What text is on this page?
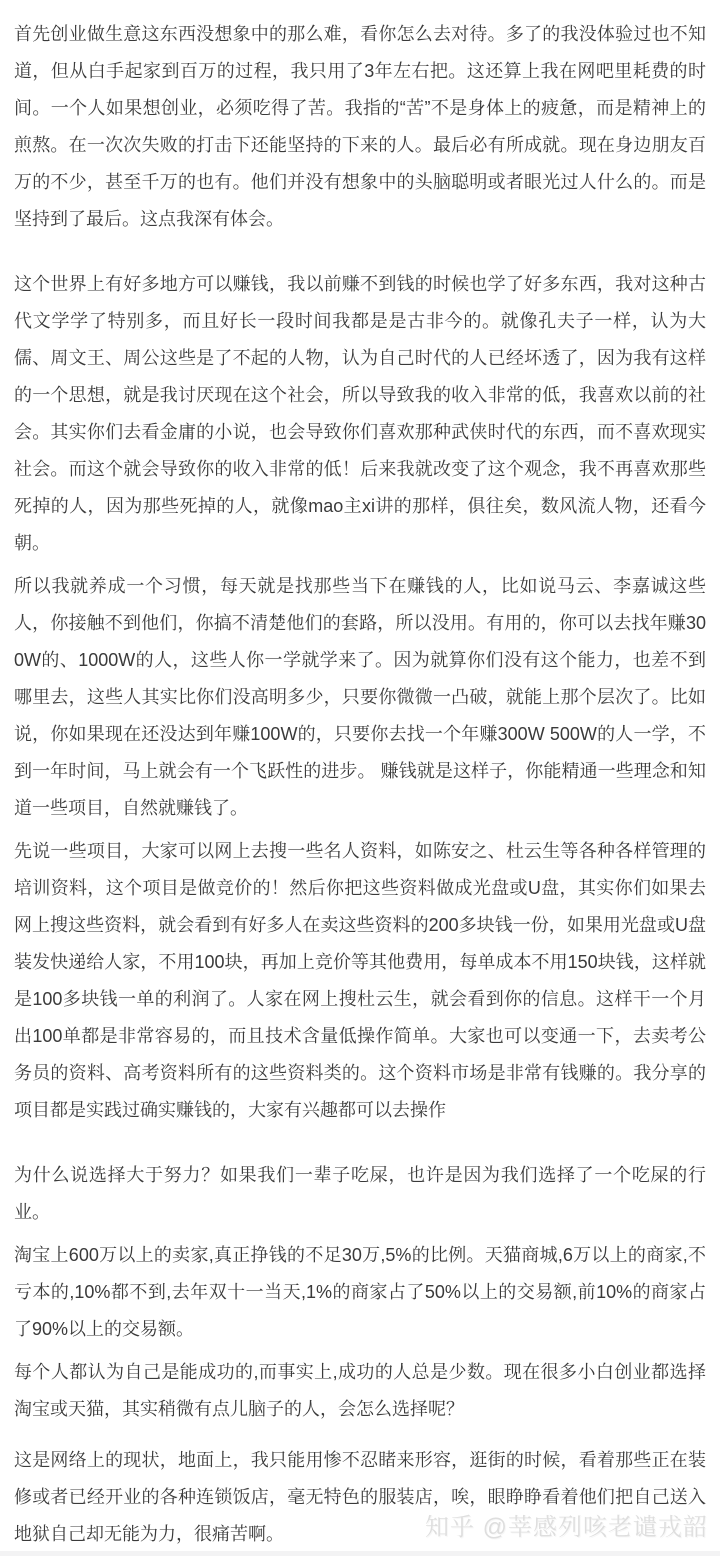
首先创业做生意这东西没想象中的那么难，看你怎么去对待。多了的我没体验过也不知道，但从白手起家到百万的过程，我只用了3年左右把。这还算上我在网吧里耗费的时间。一个人如果想创业，必须吃得了苦。我指的“苦”不是身体上的疲惫，而是精神上的煎熬。在一次次失败的打击下还能坚持的下来的人。最后必有所成就。现在身边朋友百万的不少，甚至千万的也有。他们并没有想象中的头脑聪明或者眼光过人什么的。而是坚持到了最后。这点我深有体会。

这个世界上有好多地方可以赚钱，我以前赚不到钱的时候也学了好多东西，我对这种古代文学学了特别多，而且好长一段时间我都是是古非今的。就像孔夫子一样，认为大儒、周文王、周公这些是了不起的人物，认为自己时代的人已经坏透了，因为我有这样的一个思想，就是我讨厌现在这个社会，所以导致我的收入非常的低，我喜欢以前的社会。其实你们去看金庸的小说，也会导致你们喜欢那种武侠时代的东西，而不喜欢现实社会。而这个就会导致你的收入非常的低！后来我就改变了这个观念，我不再喜欢那些死掉的人，因为那些死掉的人，就像mao主xi讲的那样，俱往矣，数风流人物，还看今朝。

所以我就养成一个习惯，每天就是找那些当下在赚钱的人，比如说马云、李嘉诚这些人，你接触不到他们，你搞不清楚他们的套路，所以没用。有用的，你可以去找年赚300W的、1000W的人，这些人你一学就学来了。因为就算你们没有这个能力，也差不到哪里去，这些人其实比你们没高明多少，只要你微微一凸破，就能上那个层次了。比如说，你如果现在还没达到年赚100W的，只要你去找一个年赚300W 500W的人一学，不到一年时间，马上就会有一个飞跃性的进步。 赚钱就是这样子，你能精通一些理念和知道一些项目，自然就赚钱了。

先说一些项目，大家可以网上去搜一些名人资料，如陈安之、杜云生等各种各样管理的培训资料，这个项目是做竞价的！然后你把这些资料做成光盘或U盘，其实你们如果去网上搜这些资料，就会看到有好多人在卖这些资料的200多块钱一份，如果用光盘或U盘装发快递给人家，不用100块，再加上竞价等其他费用，每单成本不用150块钱，这样就是100多块钱一单的利润了。人家在网上搜杜云生，就会看到你的信息。这样干一个月出100单都是非常容易的，而且技术含量低操作简单。大家也可以变通一下，去卖考公务员的资料、高考资料所有的这些资料类的。这个资料市场是非常有钱赚的。我分享的项目都是实践过确实赚钱的，大家有兴趣都可以去操作

为什么说选择大于努力？如果我们一辈子吃屎，也许是因为我们选择了一个吃屎的行业。

淘宝上600万以上的卖家,真正挣钱的不足30万,5%的比例。天猫商城,6万以上的商家,不亏本的,10%都不到,去年双十一当天,1%的商家占了50%以上的交易额,前10%的商家占了90%以上的交易额。

每个人都认为自己是能成功的,而事实上,成功的人总是少数。现在很多小白创业都选择淘宝或天猫，其实稍微有点儿脑子的人，会怎么选择呢？

这是网络上的现状，地面上，我只能用惨不忍睹来形容，逛街的时候，看着那些正在装修或者已经开业的各种连锁饭店，毫无特色的服装店，唉，眼睁睁看着他们把自己送入地狱自己却无能为力，很痛苦啊。	知乎 @莘感列咳老谴戎韶
